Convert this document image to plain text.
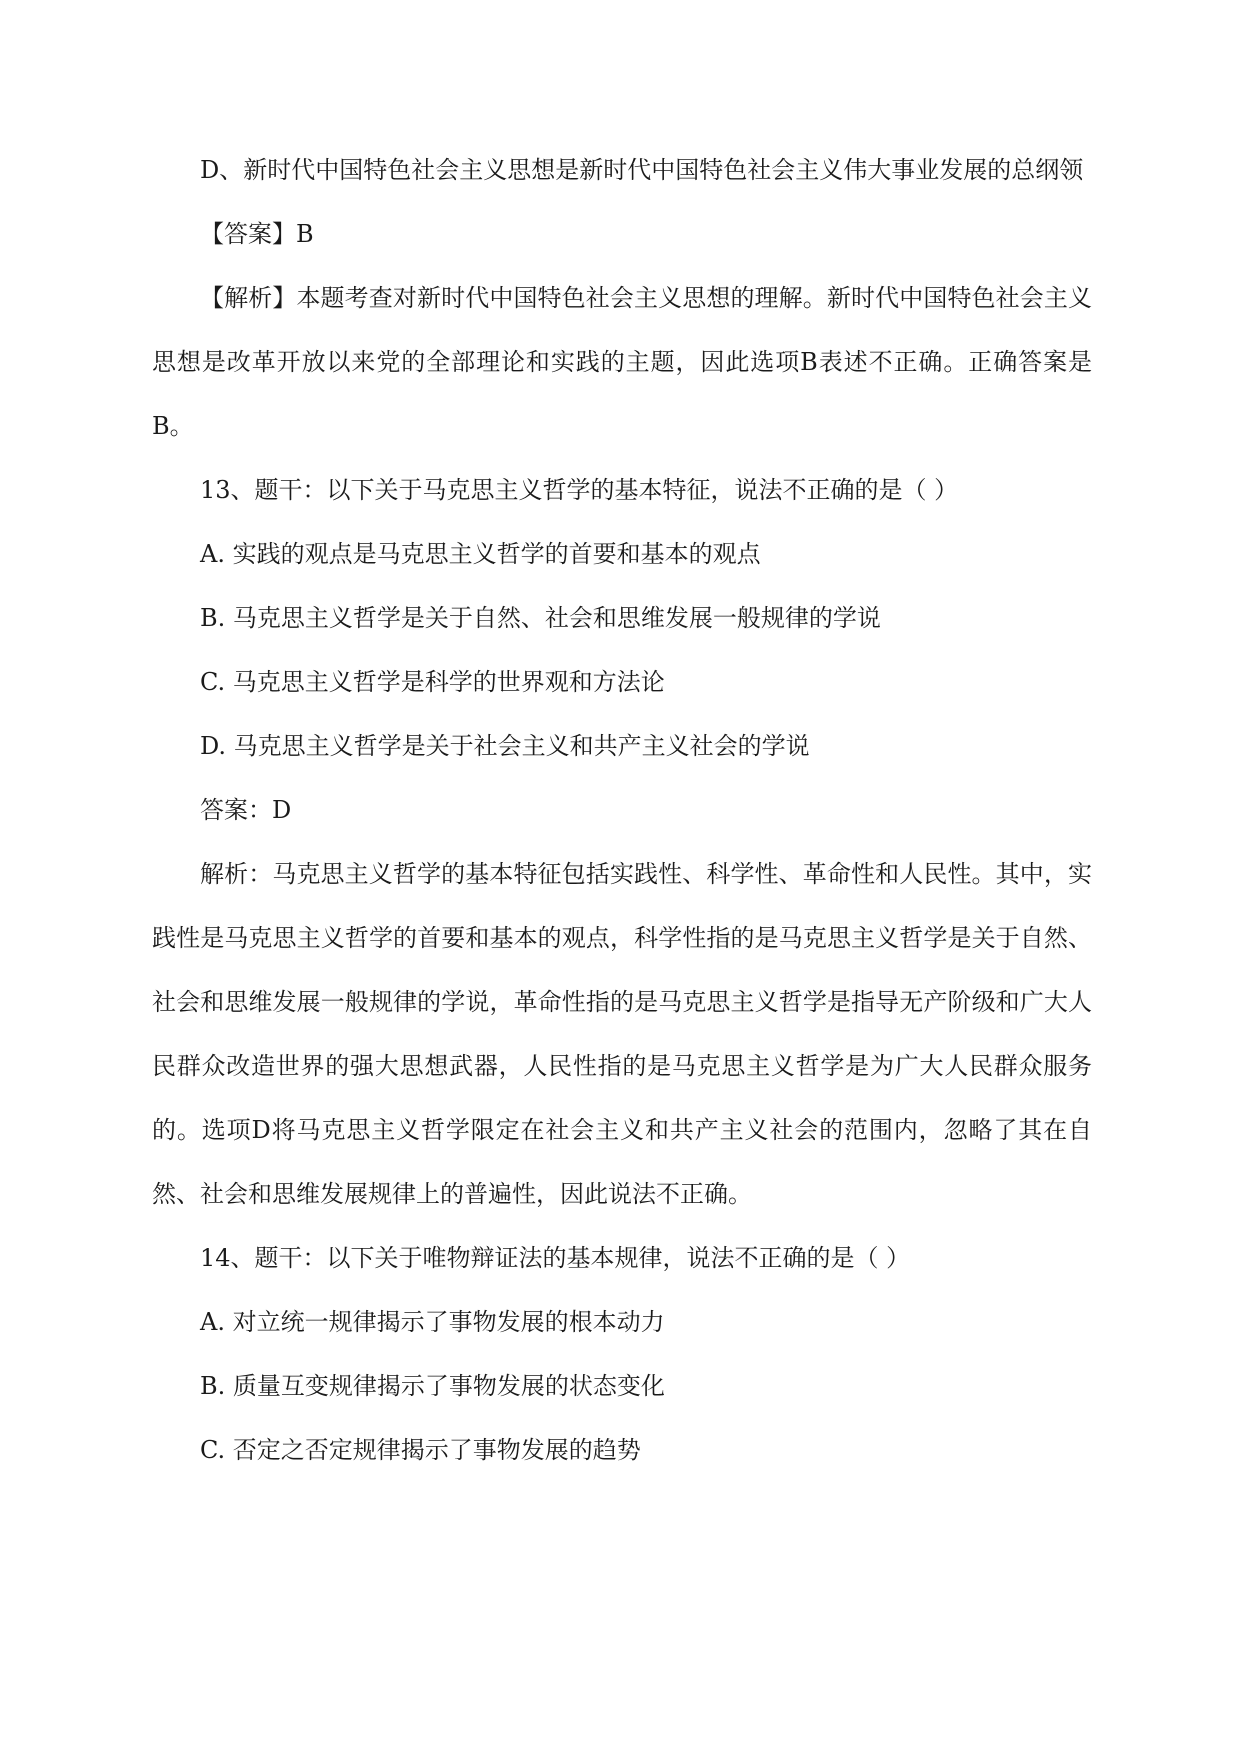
D、新时代中国特色社会主义思想是新时代中国特色社会主义伟大事业发展的总纲领

【答案】B

【解析】本题考查对新时代中国特色社会主义思想的理解。新时代中国特色社会主义思想是改革开放以来党的全部理论和实践的主题，因此选项B表述不正确。正确答案是B。

13、题干：以下关于马克思主义哲学的基本特征，说法不正确的是（ ）

A. 实践的观点是马克思主义哲学的首要和基本的观点

B. 马克思主义哲学是关于自然、社会和思维发展一般规律的学说

C. 马克思主义哲学是科学的世界观和方法论

D. 马克思主义哲学是关于社会主义和共产主义社会的学说

答案：D

解析：马克思主义哲学的基本特征包括实践性、科学性、革命性和人民性。其中，实践性是马克思主义哲学的首要和基本的观点，科学性指的是马克思主义哲学是关于自然、社会和思维发展一般规律的学说，革命性指的是马克思主义哲学是指导无产阶级和广大人民群众改造世界的强大思想武器，人民性指的是马克思主义哲学是为广大人民群众服务的。选项D将马克思主义哲学限定在社会主义和共产主义社会的范围内，忽略了其在自然、社会和思维发展规律上的普遍性，因此说法不正确。

14、题干：以下关于唯物辩证法的基本规律，说法不正确的是（ ）

A. 对立统一规律揭示了事物发展的根本动力

B. 质量互变规律揭示了事物发展的状态变化

C. 否定之否定规律揭示了事物发展的趋势
